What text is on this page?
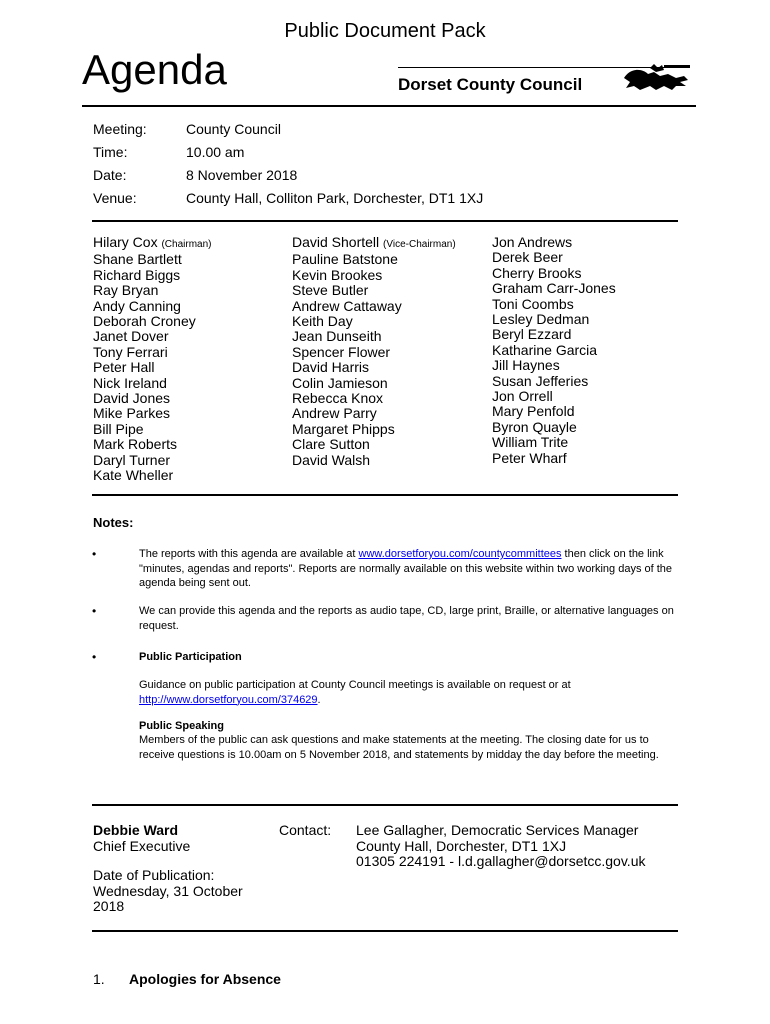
Public Document Pack
Agenda	Dorset County Council
Meeting:	County Council
Time:	10.00 am
Date:	8 November 2018
Venue:	County Hall, Colliton Park, Dorchester, DT1 1XJ
Hilary Cox (Chairman)
Shane Bartlett
Richard Biggs
Ray Bryan
Andy Canning
Deborah Croney
Janet Dover
Tony Ferrari
Peter Hall
Nick Ireland
David Jones
Mike Parkes
Bill Pipe
Mark Roberts
Daryl Turner
Kate Wheller
David Shortell (Vice-Chairman)
Pauline Batstone
Kevin Brookes
Steve Butler
Andrew Cattaway
Keith Day
Jean Dunseith
Spencer Flower
David Harris
Colin Jamieson
Rebecca Knox
Andrew Parry
Margaret Phipps
Clare Sutton
David Walsh
Jon Andrews
Derek Beer
Cherry Brooks
Graham Carr-Jones
Toni Coombs
Lesley Dedman
Beryl Ezzard
Katharine Garcia
Jill Haynes
Susan Jefferies
Jon Orrell
Mary Penfold
Byron Quayle
William Trite
Peter Wharf
Notes:
•	The reports with this agenda are available at www.dorsetforyou.com/countycommittees then click on the link "minutes, agendas and reports". Reports are normally available on this website within two working days of the agenda being sent out.
•	We can provide this agenda and the reports as audio tape, CD, large print, Braille, or alternative languages on request.
•	Public Participation
Guidance on public participation at County Council meetings is available on request or at http://www.dorsetforyou.com/374629.
Public Speaking
Members of the public can ask questions and make statements at the meeting. The closing date for us to receive questions is 10.00am on 5 November 2018, and statements by midday the day before the meeting.
Debbie Ward
Chief Executive
Date of Publication:
Wednesday, 31 October
2018
Contact: Lee Gallagher, Democratic Services Manager
County Hall, Dorchester, DT1 1XJ
01305 224191 - l.d.gallagher@dorsetcc.gov.uk
1. Apologies for Absence
